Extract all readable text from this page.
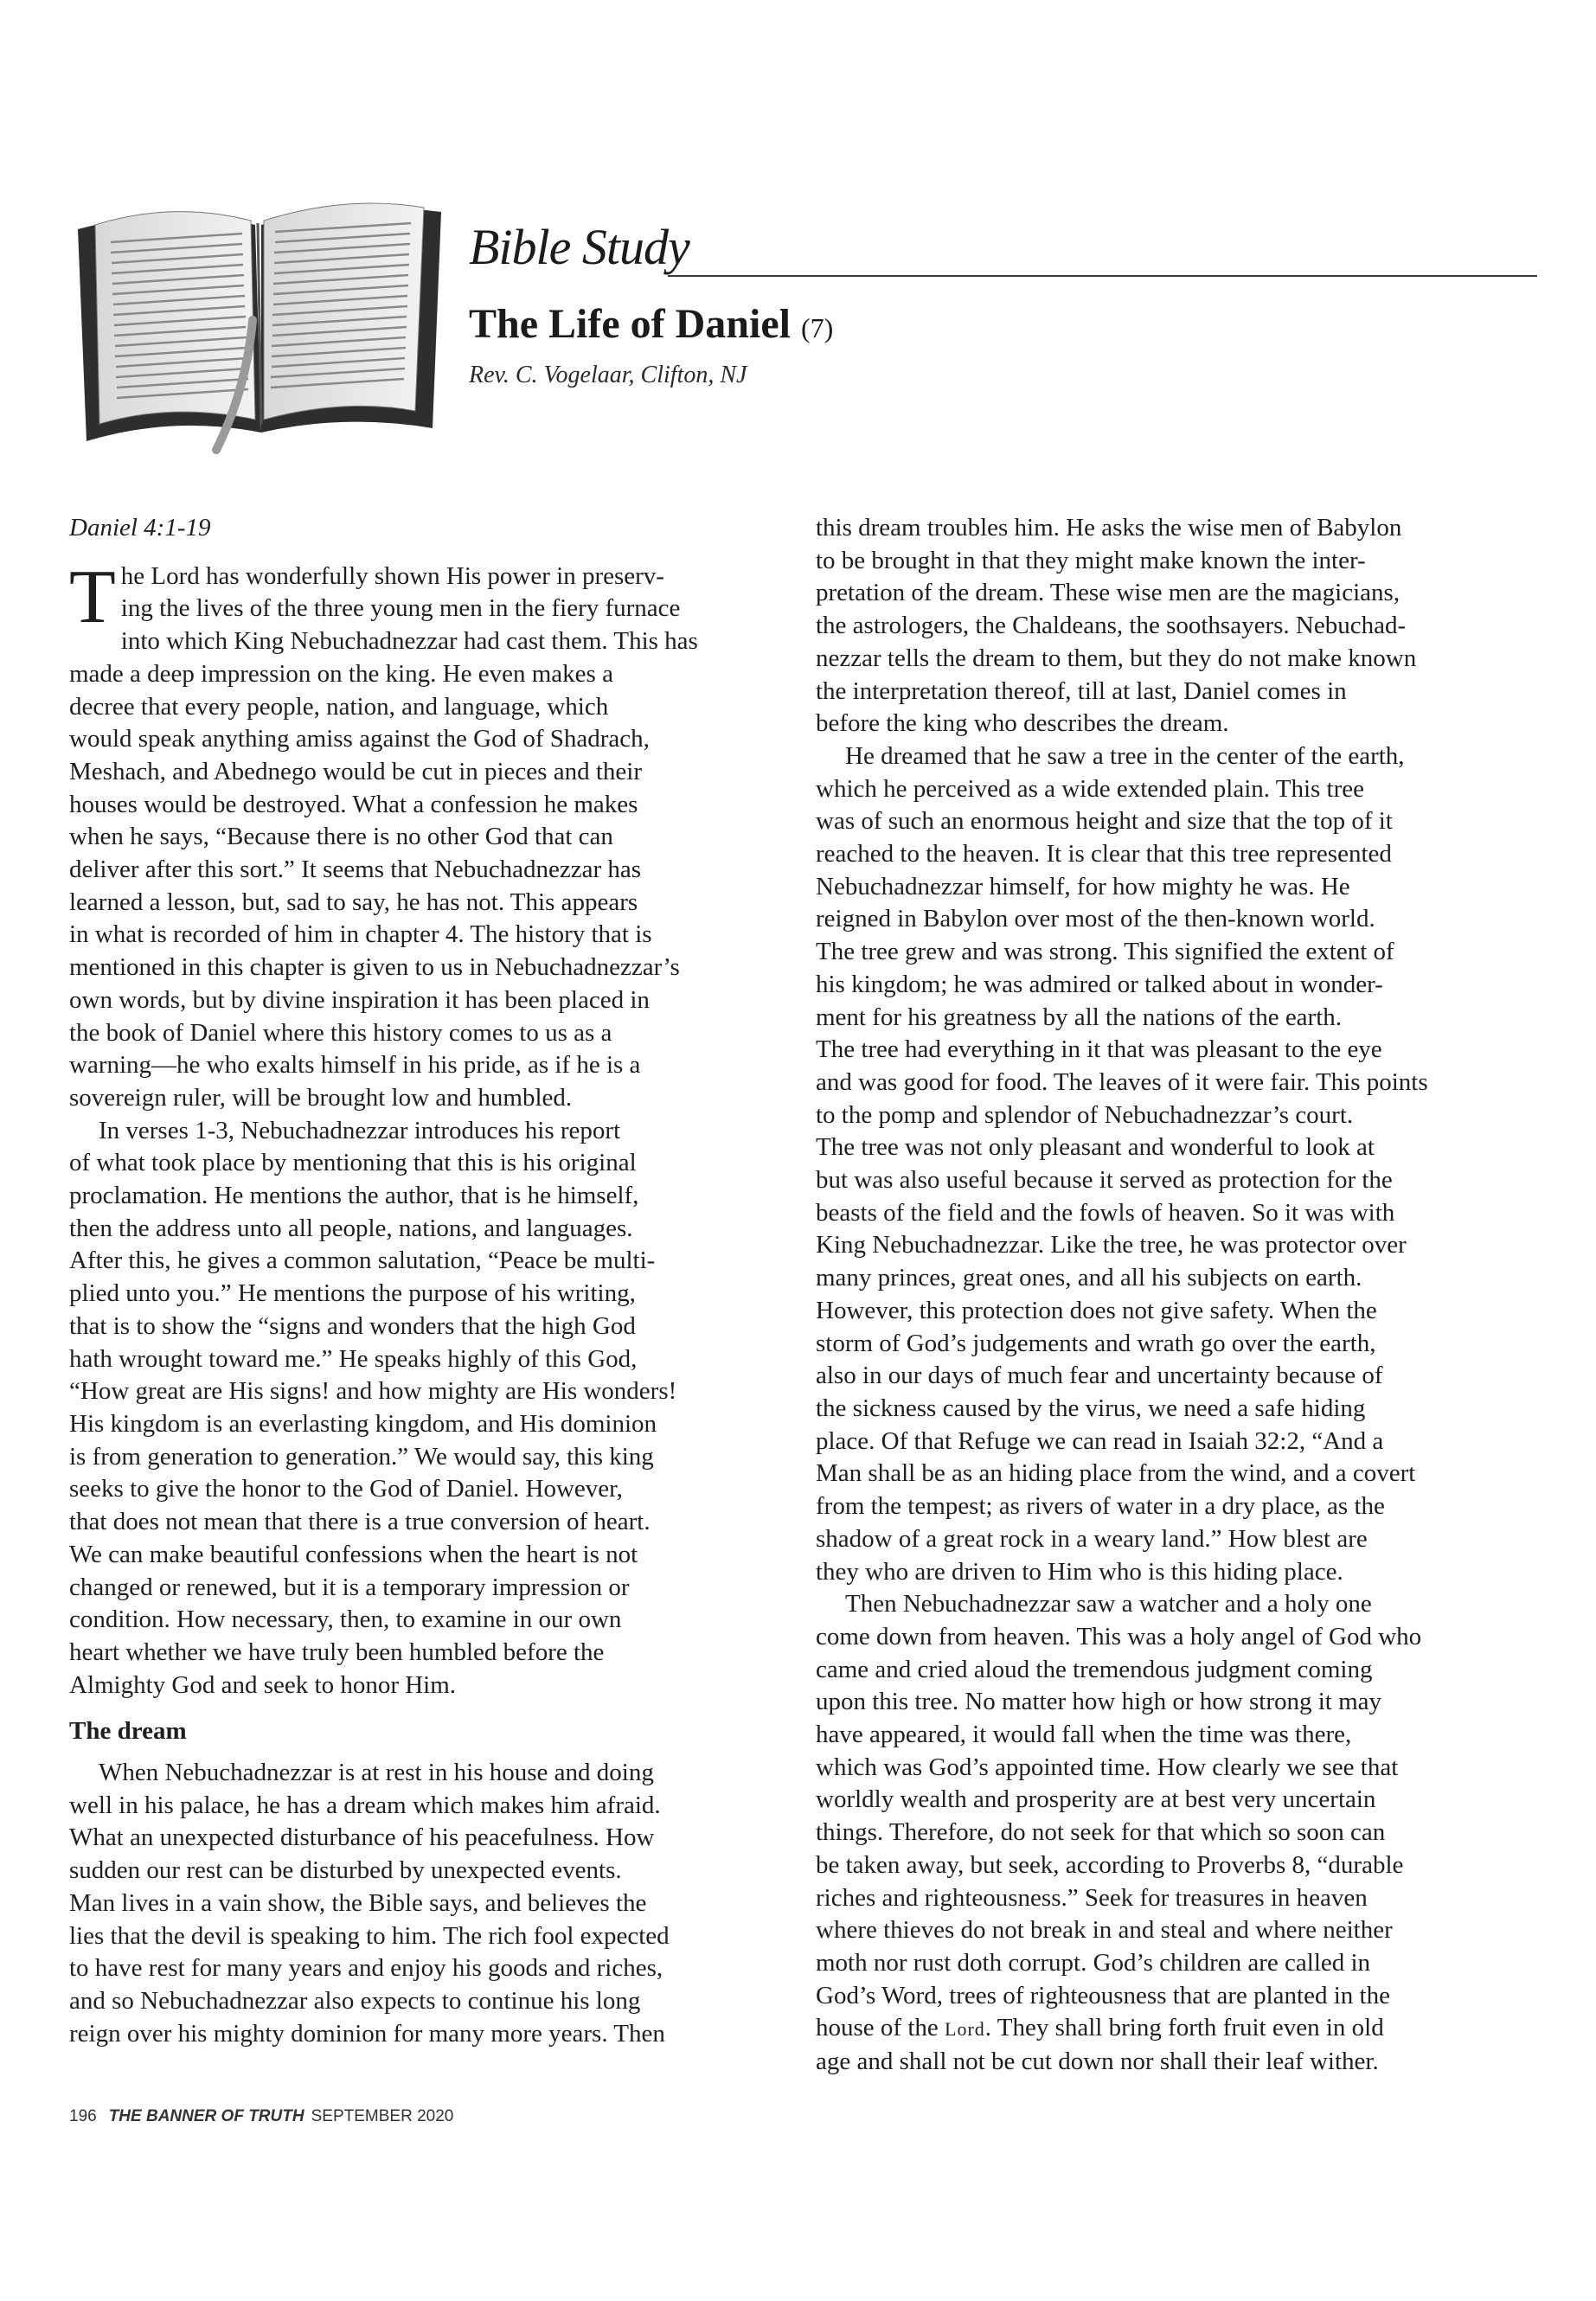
Bible Study
The Life of Daniel (7)
Rev. C. Vogelaar, Clifton, NJ
Daniel 4:1-19
T he Lord has wonderfully shown His power in preserv-
ing the lives of the three young men in the fiery furnace
into which King Nebuchadnezzar had cast them. This has
made a deep impression on the king. He even makes a
decree that every people, nation, and language, which
would speak anything amiss against the God of Shadrach,
Meshach, and Abednego would be cut in pieces and their
houses would be destroyed. What a confession he makes
when he says, “Because there is no other God that can
deliver after this sort.” It seems that Nebuchadnezzar has
learned a lesson, but, sad to say, he has not. This appears
in what is recorded of him in chapter 4. The history that is
mentioned in this chapter is given to us in Nebuchadnezzar’s
own words, but by divine inspiration it has been placed in
the book of Daniel where this history comes to us as a
warning—he who exalts himself in his pride, as if he is a
sovereign ruler, will be brought low and humbled.
In verses 1-3, Nebuchadnezzar introduces his report
of what took place by mentioning that this is his original
proclamation. He mentions the author, that is he himself,
then the address unto all people, nations, and languages.
After this, he gives a common salutation, “Peace be multi-
plied unto you.” He mentions the purpose of his writing,
that is to show the “signs and wonders that the high God
hath wrought toward me.” He speaks highly of this God,
“How great are His signs! and how mighty are His wonders!
His kingdom is an everlasting kingdom, and His dominion
is from generation to generation.” We would say, this king
seeks to give the honor to the God of Daniel. However,
that does not mean that there is a true conversion of heart.
We can make beautiful confessions when the heart is not
changed or renewed, but it is a temporary impression or
condition. How necessary, then, to examine in our own
heart whether we have truly been humbled before the
Almighty God and seek to honor Him.
The dream
When Nebuchadnezzar is at rest in his house and doing
well in his palace, he has a dream which makes him afraid.
What an unexpected disturbance of his peacefulness. How
sudden our rest can be disturbed by unexpected events.
Man lives in a vain show, the Bible says, and believes the
lies that the devil is speaking to him. The rich fool expected
to have rest for many years and enjoy his goods and riches,
and so Nebuchadnezzar also expects to continue his long
reign over his mighty dominion for many more years. Then
this dream troubles him. He asks the wise men of Babylon
to be brought in that they might make known the inter-
pretation of the dream. These wise men are the magicians,
the astrologers, the Chaldeans, the soothsayers. Nebuchad-
nezzar tells the dream to them, but they do not make known
the interpretation thereof, till at last, Daniel comes in
before the king who describes the dream.
He dreamed that he saw a tree in the center of the earth,
which he perceived as a wide extended plain. This tree
was of such an enormous height and size that the top of it
reached to the heaven. It is clear that this tree represented
Nebuchadnezzar himself, for how mighty he was. He
reigned in Babylon over most of the then-known world.
The tree grew and was strong. This signified the extent of
his kingdom; he was admired or talked about in wonder-
ment for his greatness by all the nations of the earth.
The tree had everything in it that was pleasant to the eye
and was good for food. The leaves of it were fair. This points
to the pomp and splendor of Nebuchadnezzar’s court.
The tree was not only pleasant and wonderful to look at
but was also useful because it served as protection for the
beasts of the field and the fowls of heaven. So it was with
King Nebuchadnezzar. Like the tree, he was protector over
many princes, great ones, and all his subjects on earth.
However, this protection does not give safety. When the
storm of God’s judgements and wrath go over the earth,
also in our days of much fear and uncertainty because of
the sickness caused by the virus, we need a safe hiding
place. Of that Refuge we can read in Isaiah 32:2, “And a
Man shall be as an hiding place from the wind, and a covert
from the tempest; as rivers of water in a dry place, as the
shadow of a great rock in a weary land.” How blest are
they who are driven to Him who is this hiding place.
Then Nebuchadnezzar saw a watcher and a holy one
come down from heaven. This was a holy angel of God who
came and cried aloud the tremendous judgment coming
upon this tree. No matter how high or how strong it may
have appeared, it would fall when the time was there,
which was God’s appointed time. How clearly we see that
worldly wealth and prosperity are at best very uncertain
things. Therefore, do not seek for that which so soon can
be taken away, but seek, according to Proverbs 8, “durable
riches and righteousness.” Seek for treasures in heaven
where thieves do not break in and steal and where neither
moth nor rust doth corrupt. God’s children are called in
God’s Word, trees of righteousness that are planted in the
house of the Lord. They shall bring forth fruit even in old
age and shall not be cut down nor shall their leaf wither.
196 THE BANNER OF TRUTH SEPTEMBER 2020
